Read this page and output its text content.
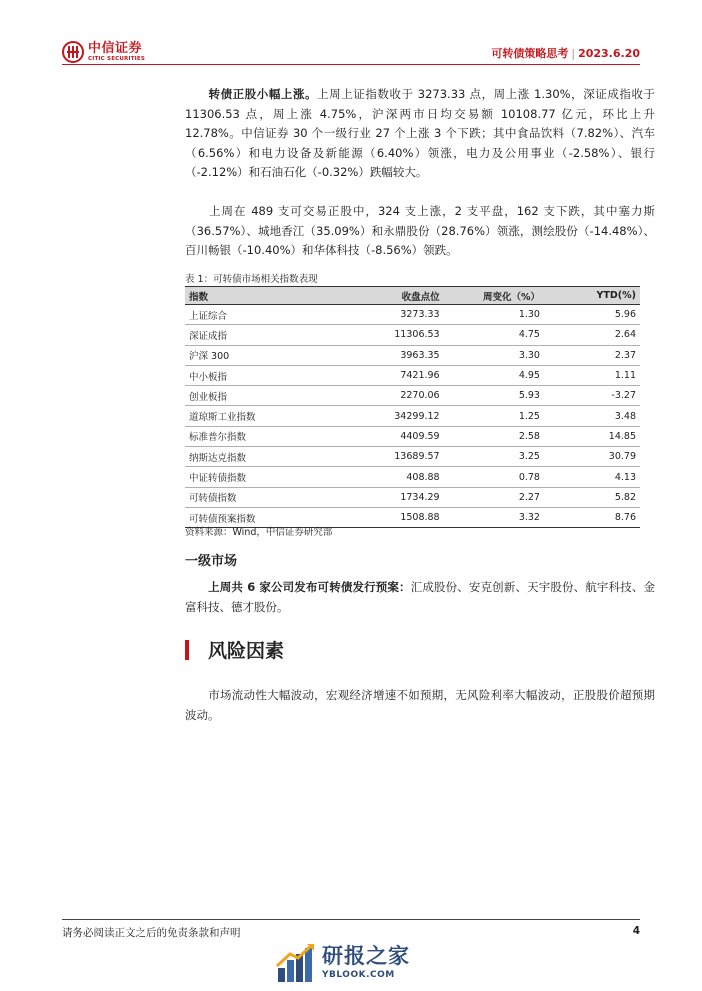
中信证券
CITIC SECURITIES	可转债策略思考 | 2023.6.20
转债正股小幅上涨。上周上证指数收于 3273.33 点，周上涨 1.30%，深证成指收于 11306.53 点，周上涨 4.75%，沪深两市日均交易额 10108.77 亿元，环比上升 12.78%。中信证券 30 个一级行业 27 个上涨 3 个下跌；其中食品饮料（7.82%）、汽车（6.56%）和电力设备及新能源（6.40%）领涨，电力及公用事业（-2.58%）、银行（-2.12%）和石油石化（-0.32%）跌幅较大。
上周在 489 支可交易正股中，324 支上涨，2 支平盘，162 支下跌，其中塞力斯（36.57%）、城地香江（35.09%）和永鼎股份（28.76%）领涨，测绘股份（-14.48%）、百川畅银（-10.40%）和华体科技（-8.56%）领跌。
表 1：可转债市场相关指数表现
指数	收盘点位	周变化（%）	YTD(%)
上证综合	3273.33	1.30	5.96
深证成指	11306.53	4.75	2.64
沪深 300	3963.35	3.30	2.37
中小板指	7421.96	4.95	1.11
创业板指	2270.06	5.93	-3.27
道琼斯工业指数	34299.12	1.25	3.48
标准普尔指数	4409.59	2.58	14.85
纳斯达克指数	13689.57	3.25	30.79
中证转债指数	408.88	0.78	4.13
可转债指数	1734.29	2.27	5.82
可转债预案指数	1508.88	3.32	8.76
资料来源：Wind，中信证券研究部
一级市场
上周共 6 家公司发布可转债发行预案：汇成股份、安克创新、天宇股份、航宇科技、金富科技、德才股份。
风险因素
市场流动性大幅波动，宏观经济增速不如预期，无风险利率大幅波动，正股股价超预期波动。
请务必阅读正文之后的免责条款和声明	4
研报之家
YBLOOK.COM
